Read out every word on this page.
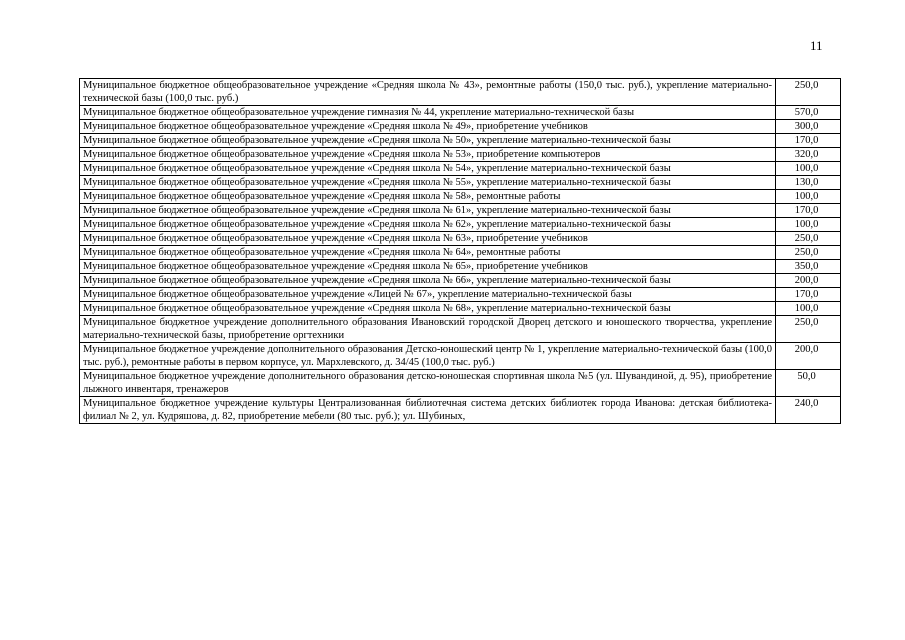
11
Муниципальное бюджетное общеобразовательное учреждение «Средняя школа № 43», ремонтные работы (150,0 тыс. руб.), укрепление материально-технической базы (100,0 тыс. руб.)	250,0
Муниципальное бюджетное общеобразовательное учреждение гимназия № 44, укрепление материально-технической базы	570,0
Муниципальное бюджетное общеобразовательное учреждение «Средняя школа № 49», приобретение учебников	300,0
Муниципальное бюджетное общеобразовательное учреждение «Средняя школа № 50», укрепление материально-технической базы	170,0
Муниципальное бюджетное общеобразовательное учреждение «Средняя школа № 53», приобретение компьютеров	320,0
Муниципальное бюджетное общеобразовательное учреждение «Средняя школа № 54», укрепление материально-технической базы	100,0
Муниципальное бюджетное общеобразовательное учреждение «Средняя школа № 55», укрепление материально-технической базы	130,0
Муниципальное бюджетное общеобразовательное учреждение «Средняя школа № 58», ремонтные работы	100,0
Муниципальное бюджетное общеобразовательное учреждение «Средняя школа № 61», укрепление материально-технической базы	170,0
Муниципальное бюджетное общеобразовательное учреждение «Средняя школа № 62», укрепление материально-технической базы	100,0
Муниципальное бюджетное общеобразовательное учреждение «Средняя школа № 63», приобретение учебников	250,0
Муниципальное бюджетное общеобразовательное учреждение «Средняя школа № 64», ремонтные работы	250,0
Муниципальное бюджетное общеобразовательное учреждение «Средняя школа № 65», приобретение учебников	350,0
Муниципальное бюджетное общеобразовательное учреждение «Средняя школа № 66», укрепление материально-технической базы	200,0
Муниципальное бюджетное общеобразовательное учреждение «Лицей № 67», укрепление материально-технической базы	170,0
Муниципальное бюджетное общеобразовательное учреждение «Средняя школа № 68», укрепление материально-технической базы	100,0
Муниципальное бюджетное учреждение дополнительного образования Ивановский городской Дворец детского и юношеского творчества, укрепление материально-технической базы, приобретение оргтехники	250,0
Муниципальное бюджетное учреждение дополнительного образования Детско-юношеский центр № 1, укрепление материально-технической базы (100,0 тыс. руб.), ремонтные работы в первом корпусе, ул. Мархлевского, д. 34/45 (100,0 тыс. руб.)	200,0
Муниципальное бюджетное учреждение дополнительного образования детско-юношеская спортивная школа №5 (ул. Шувандиной, д. 95), приобретение лыжного инвентаря, тренажеров	50,0
Муниципальное бюджетное учреждение культуры Централизованная библиотечная система детских библиотек города Иванова: детская библиотека-филиал № 2, ул. Кудряшова, д. 82, приобретение мебели (80 тыс. руб.); ул. Шубиных,	240,0
